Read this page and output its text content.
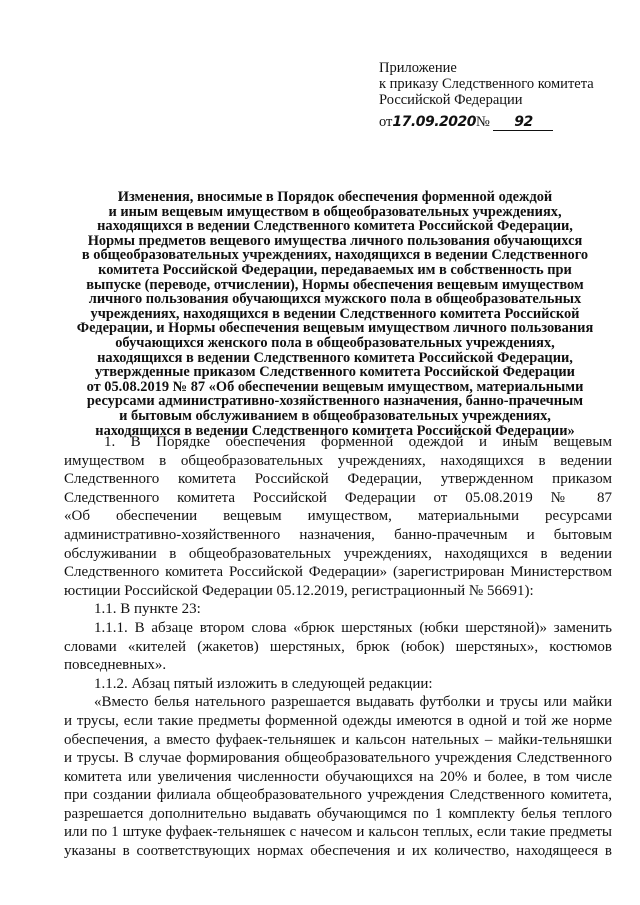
Приложение
к приказу Следственного комитета
Российской Федерации
от17.09.2020№ 92
Изменения, вносимые в Порядок обеспечения форменной одеждой
и иным вещевым имуществом в общеобразовательных учреждениях,
находящихся в ведении Следственного комитета Российской Федерации,
Нормы предметов вещевого имущества личного пользования обучающихся
в общеобразовательных учреждениях, находящихся в ведении Следственного
комитета Российской Федерации, передаваемых им в собственность при
выпуске (переводе, отчислении), Нормы обеспечения вещевым имуществом
личного пользования обучающихся мужского пола в общеобразовательных
учреждениях, находящихся в ведении Следственного комитета Российской
Федерации, и Нормы обеспечения вещевым имуществом личного пользования
обучающихся женского пола в общеобразовательных учреждениях,
находящихся в ведении Следственного комитета Российской Федерации,
утвержденные приказом Следственного комитета Российской Федерации
от 05.08.2019 № 87 «Об обеспечении вещевым имуществом, материальными
ресурсами административно-хозяйственного назначения, банно-прачечным
и бытовым обслуживанием в общеобразовательных учреждениях,
находящихся в ведении Следственного комитета Российской Федерации»
1. В Порядке обеспечения форменной одеждой и иным вещевым
имуществом в общеобразовательных учреждениях, находящихся в ведении
Следственного комитета Российской Федерации, утвержденном приказом
Следственного комитета Российской Федерации от 05.08.2019 № 87
«Об обеспечении вещевым имуществом, материальными ресурсами
административно-хозяйственного назначения, банно-прачечным и бытовым
обслуживании в общеобразовательных учреждениях, находящихся в ведении
Следственного комитета Российской Федерации» (зарегистрирован Министерством
юстиции Российской Федерации 05.12.2019, регистрационный № 56691):
1.1. В пункте 23:
1.1.1. В абзаце втором слова «брюк шерстяных (юбки шерстяной)» заменить
словами «кителей (жакетов) шерстяных, брюк (юбок) шерстяных», костюмов
повседневных».
1.1.2. Абзац пятый изложить в следующей редакции:
«Вместо белья нательного разрешается выдавать футболки и трусы или майки
и трусы, если такие предметы форменной одежды имеются в одной и той же норме
обеспечения, а вместо фуфаек-тельняшек и кальсон нательных – майки-тельняшки
и трусы. В случае формирования общеобразовательного учреждения Следственного
комитета или увеличения численности обучающихся на 20% и более, в том числе
при создании филиала общеобразовательного учреждения Следственного комитета,
разрешается дополнительно выдавать обучающимся по 1 комплекту белья теплого
или по 1 штуке фуфаек-тельняшек с начесом и кальсон теплых, если такие предметы
указаны в соответствующих нормах обеспечения и их количество, находящееся в
